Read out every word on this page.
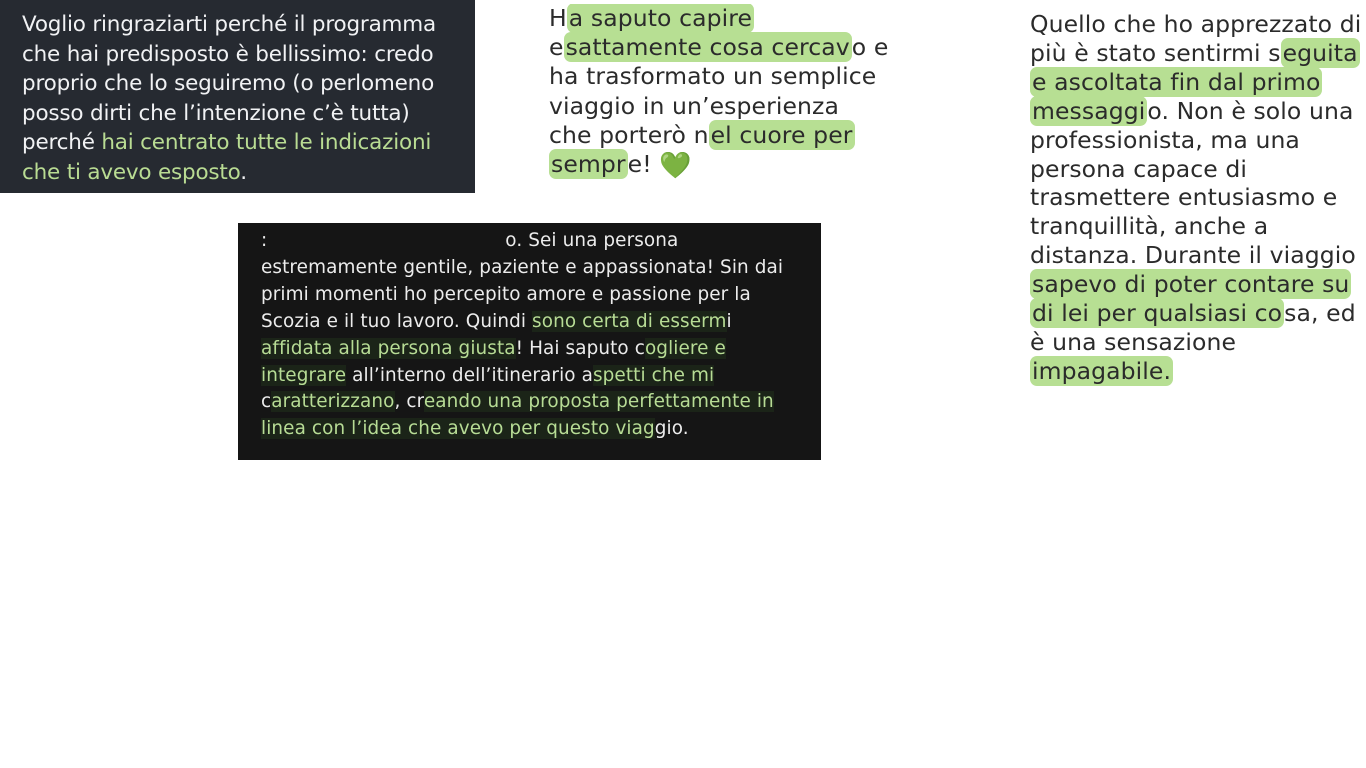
Voglio ringraziarti perché il programma che hai predisposto è bellissimo: credo proprio che lo seguiremo (o perlomeno posso dirti che l’intenzione c’è tutta) perché hai centrato tutte le indicazioni che ti avevo esposto.
Ha saputo capire esattamente cosa cercavo e ha trasformato un semplice viaggio in un’esperienza che porterò nel cuore per sempre! 💚
Quello che ho apprezzato di più è stato sentirmi seguita e ascoltata fin dal primo messaggio. Non è solo una professionista, ma una persona capace di trasmettere entusiasmo e tranquillità, anche a distanza. Durante il viaggio sapevo di poter contare su di lei per qualsiasi cosa, ed è una sensazione impagabile.
:	o. Sei una persona estremamente gentile, paziente e appassionata! Sin dai primi momenti ho percepito amore e passione per la Scozia e il tuo lavoro. Quindi sono certa di essermi affidata alla persona giusta! Hai saputo cogliere e integrare all’interno dell’itinerario aspetti che mi caratterizzano, creando una proposta perfettamente in linea con l’idea che avevo per questo viaggio.
